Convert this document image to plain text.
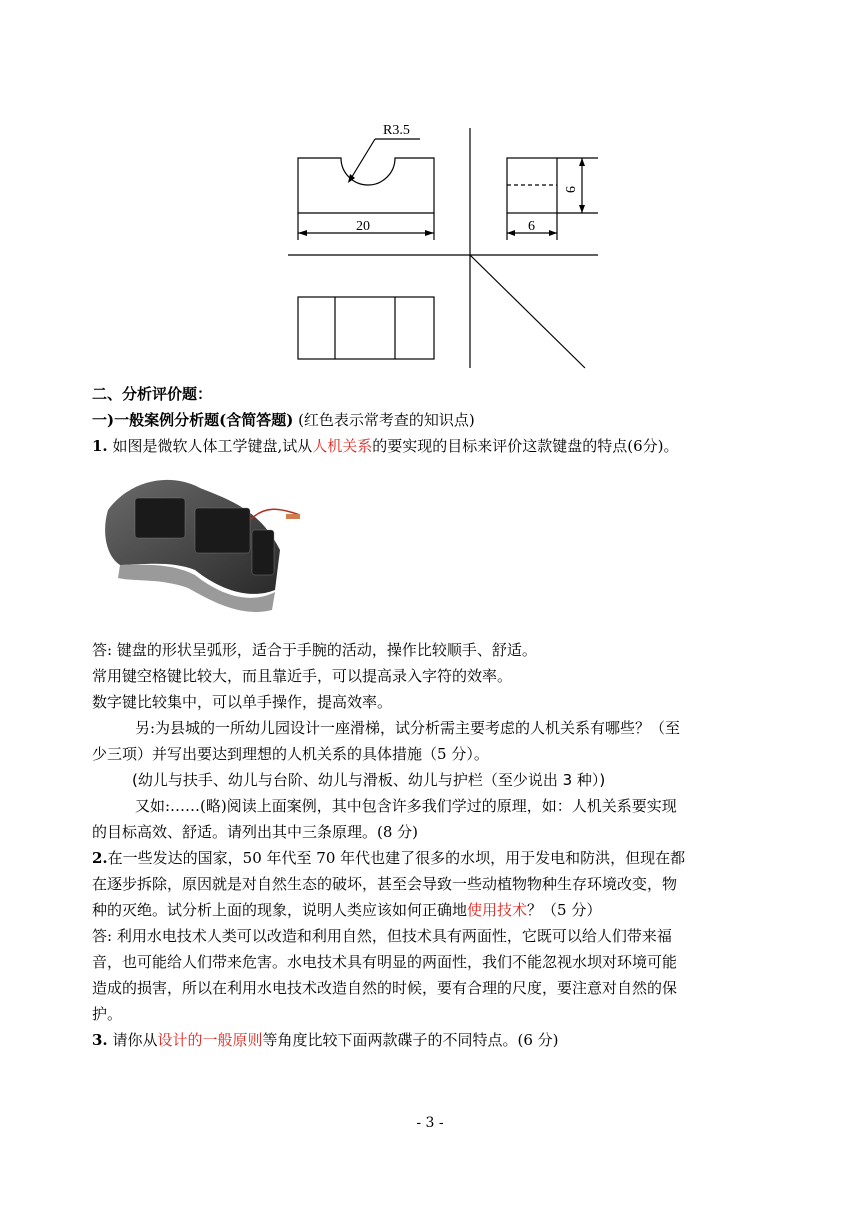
R3.5
20	6
9
二、分析评价题：
一)一般案例分析题(含简答题) (红色表示常考查的知识点)
1. 如图是微软人体工学键盘,试从人机关系的要实现的目标来评价这款键盘的特点(6分)。
答: 键盘的形状呈弧形，适合于手腕的活动，操作比较顺手、舒适。
常用键空格键比较大，而且靠近手，可以提高录入字符的效率。
数字键比较集中，可以单手操作，提高效率。
另:为县城的一所幼儿园设计一座滑梯，试分析需主要考虑的人机关系有哪些？（至
少三项）并写出要达到理想的人机关系的具体措施（5 分）。
(幼儿与扶手、幼儿与台阶、幼儿与滑板、幼儿与护栏（至少说出 3 种）)
又如:……(略)阅读上面案例，其中包含许多我们学过的原理，如：人机关系要实现
的目标高效、舒适。请列出其中三条原理。(8 分)
2.在一些发达的国家，50 年代至 70 年代也建了很多的水坝，用于发电和防洪，但现在都
在逐步拆除，原因就是对自然生态的破坏，甚至会导致一些动植物物种生存环境改变，物
种的灭绝。试分析上面的现象，说明人类应该如何正确地使用技术？（5 分）
答: 利用水电技术人类可以改造和利用自然，但技术具有两面性，它既可以给人们带来福
音，也可能给人们带来危害。水电技术具有明显的两面性，我们不能忽视水坝对环境可能
造成的损害，所以在利用水电技术改造自然的时候，要有合理的尺度，要注意对自然的保
护。
3. 请你从设计的一般原则等角度比较下面两款碟子的不同特点。(6 分)
- 3 -
